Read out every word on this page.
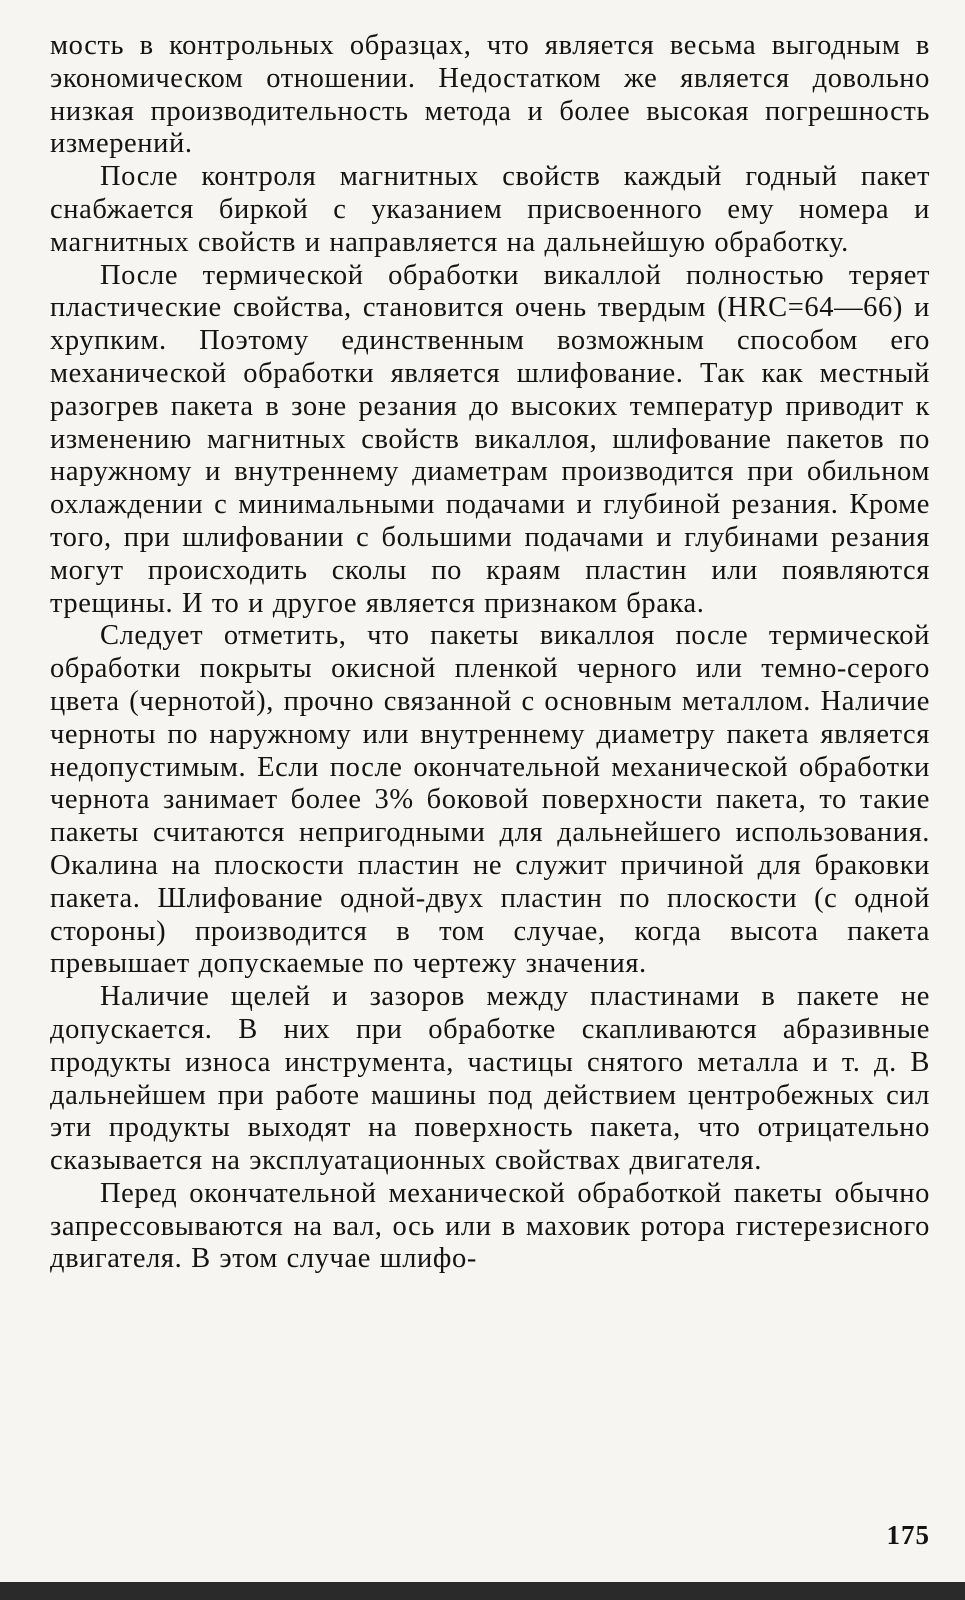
мость в контрольных образцах, что является весьма выгодным в экономическом отношении. Недостатком же является довольно низкая производительность метода и более высокая погрешность измерений.

После контроля магнитных свойств каждый годный пакет снабжается биркой с указанием присвоенного ему номера и магнитных свойств и направляется на дальнейшую обработку.

После термической обработки викаллой полностью теряет пластические свойства, становится очень твердым (HRC=64—66) и хрупким. Поэтому единственным возможным способом его механической обработки является шлифование. Так как местный разогрев пакета в зоне резания до высоких температур приводит к изменению магнитных свойств викаллоя, шлифование пакетов по наружному и внутреннему диаметрам производится при обильном охлаждении с минимальными подачами и глубиной резания. Кроме того, при шлифовании с большими подачами и глубинами резания могут происходить сколы по краям пластин или появляются трещины. И то и другое является признаком брака.

Следует отметить, что пакеты викаллоя после термической обработки покрыты окисной пленкой черного или темно-серого цвета (чернотой), прочно связанной с основным металлом. Наличие черноты по наружному или внутреннему диаметру пакета является недопустимым. Если после окончательной механической обработки чернота занимает более 3% боковой поверхности пакета, то такие пакеты считаются непригодными для дальнейшего использования. Окалина на плоскости пластин не служит причиной для браковки пакета. Шлифование одной-двух пластин по плоскости (с одной стороны) производится в том случае, когда высота пакета превышает допускаемые по чертежу значения.

Наличие щелей и зазоров между пластинами в пакете не допускается. В них при обработке скапливаются абразивные продукты износа инструмента, частицы снятого металла и т. д. В дальнейшем при работе машины под действием центробежных сил эти продукты выходят на поверхность пакета, что отрицательно сказывается на эксплуатационных свойствах двигателя.

Перед окончательной механической обработкой пакеты обычно запрессовываются на вал, ось или в маховик ротора гистерезисного двигателя. В этом случае шлифо-

175
